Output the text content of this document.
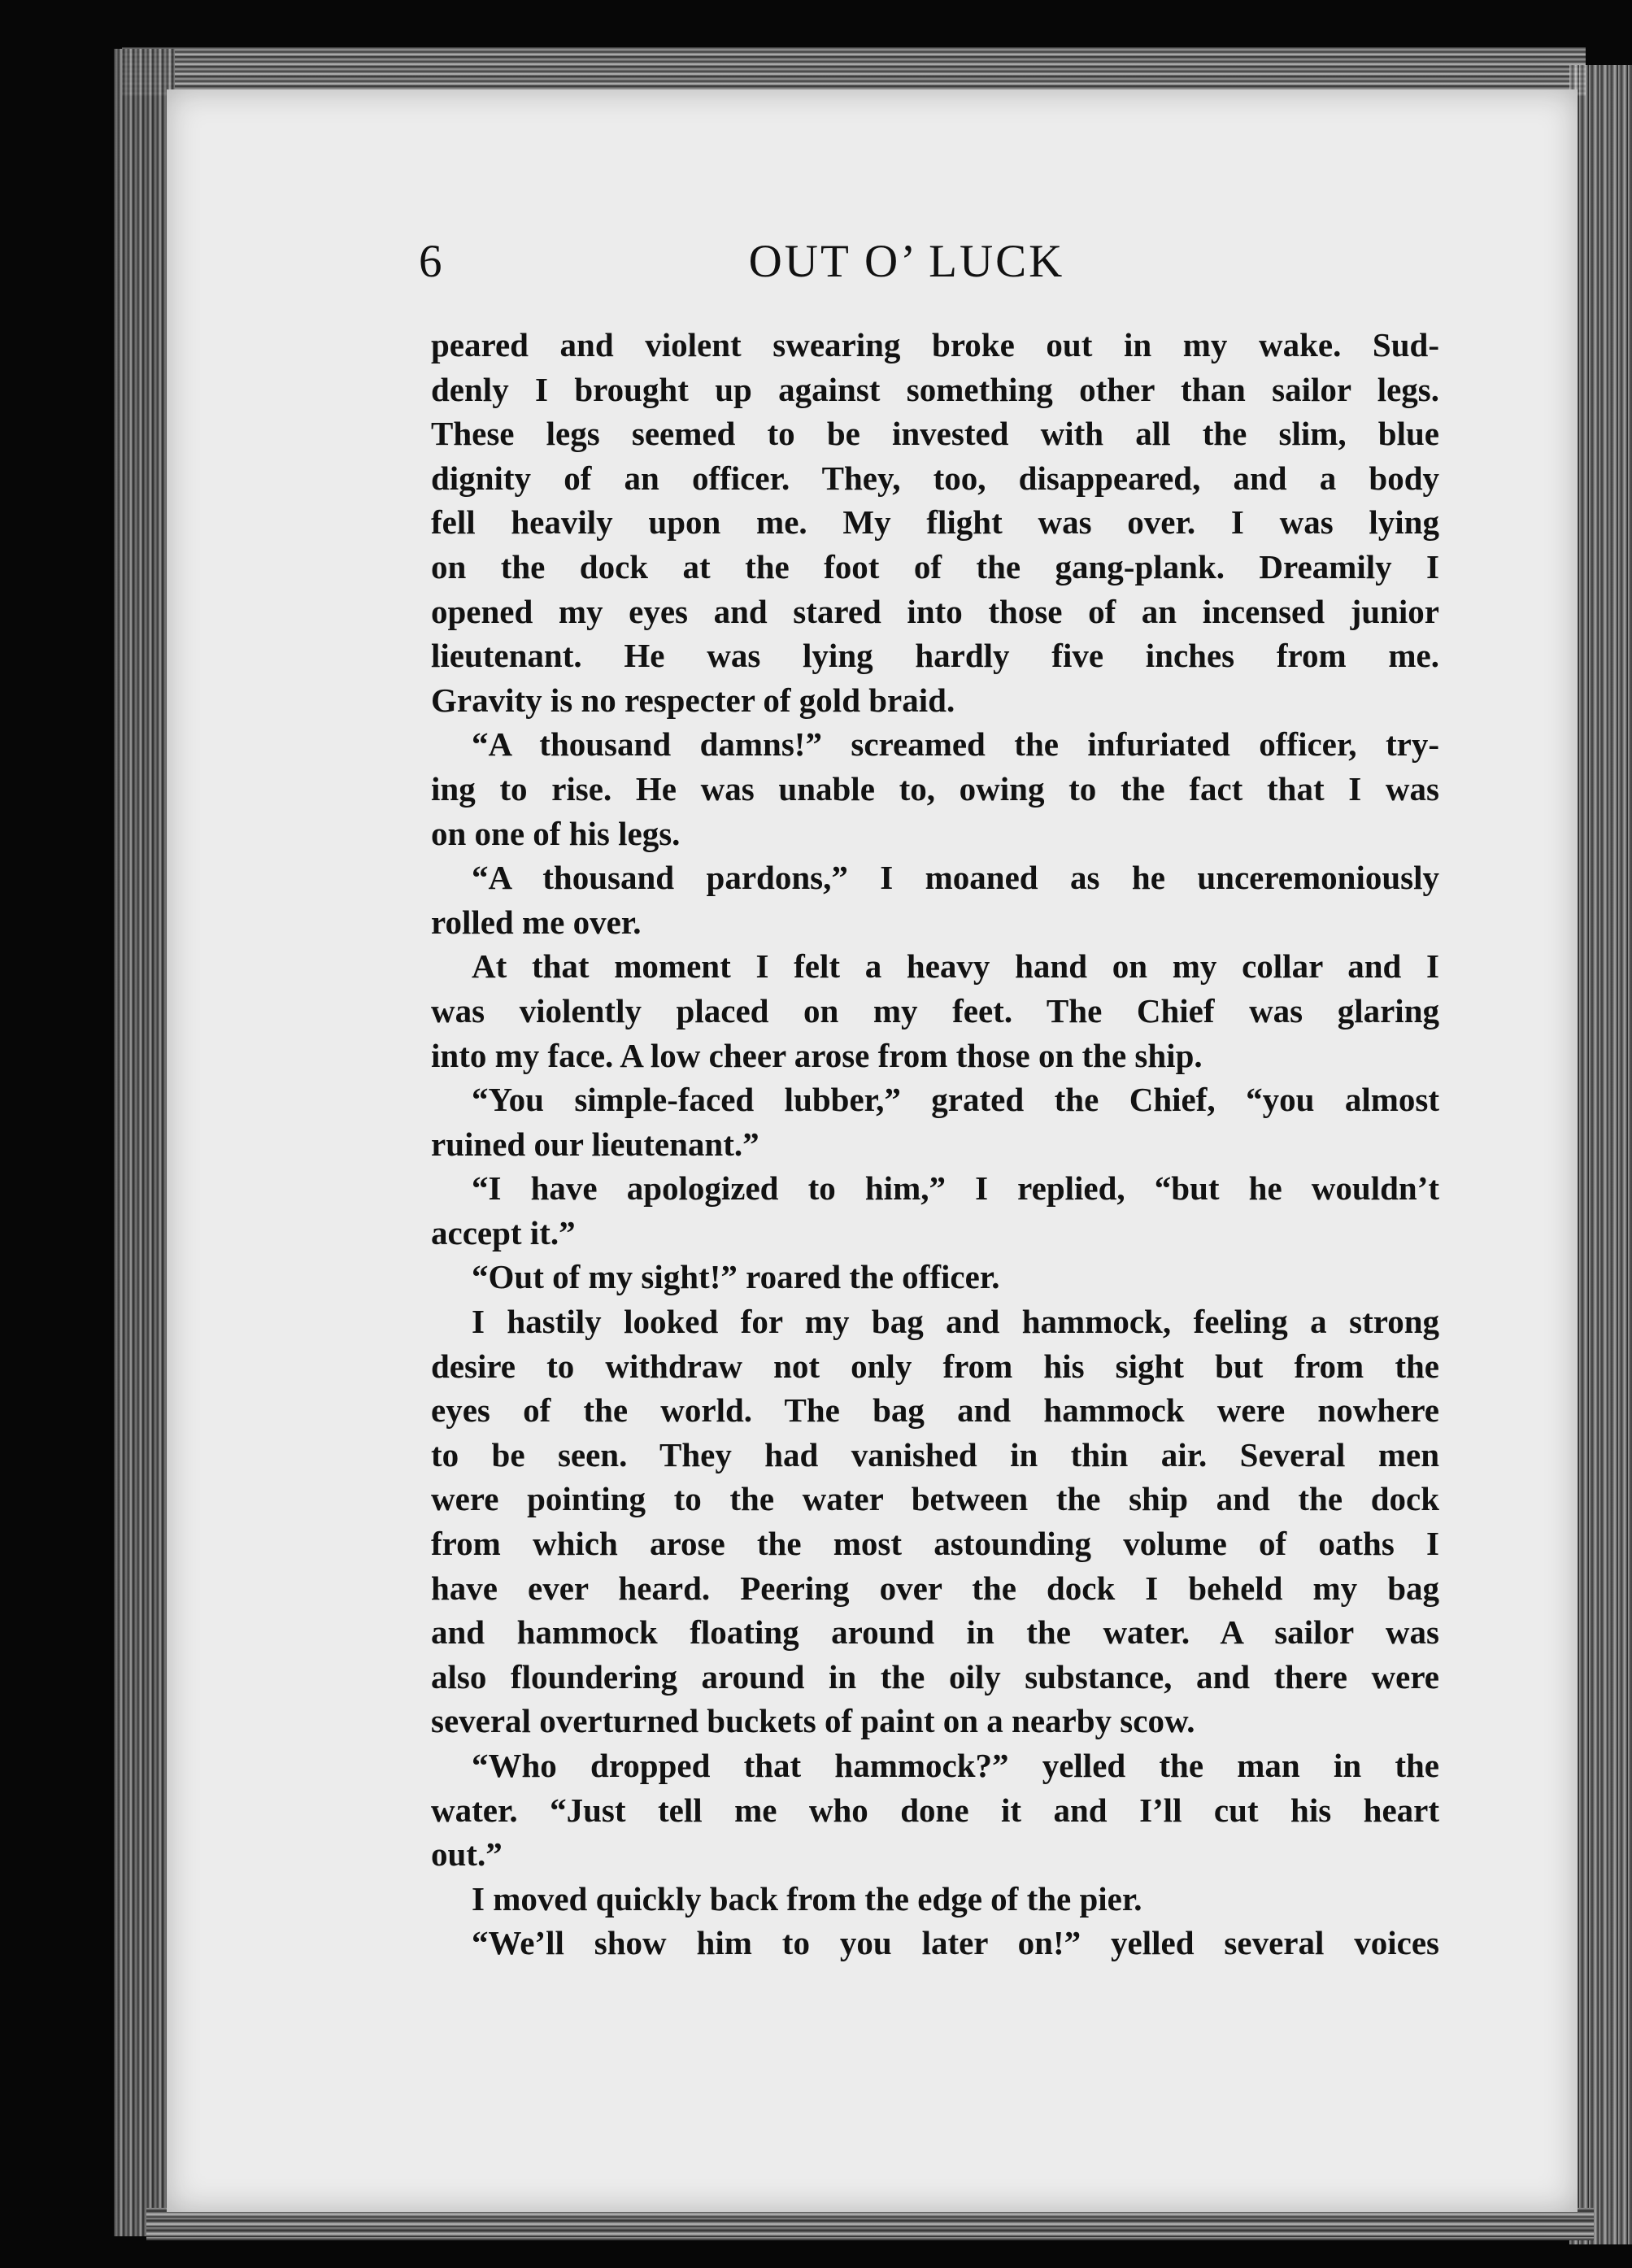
6	OUT O’ LUCK
peared and violent swearing broke out in my wake. Sud-
denly I brought up against something other than sailor legs.
These legs seemed to be invested with all the slim, blue
dignity of an officer. They, too, disappeared, and a body
fell heavily upon me. My flight was over. I was lying
on the dock at the foot of the gang-plank. Dreamily I
opened my eyes and stared into those of an incensed junior
lieutenant. He was lying hardly five inches from me.
Gravity is no respecter of gold braid.
“A thousand damns!” screamed the infuriated officer, try-
ing to rise. He was unable to, owing to the fact that I was
on one of his legs.
“A thousand pardons,” I moaned as he unceremoniously
rolled me over.
At that moment I felt a heavy hand on my collar and I
was violently placed on my feet. The Chief was glaring
into my face. A low cheer arose from those on the ship.
“You simple-faced lubber,” grated the Chief, “you almost
ruined our lieutenant.”
“I have apologized to him,” I replied, “but he wouldn’t
accept it.”
“Out of my sight!” roared the officer.
I hastily looked for my bag and hammock, feeling a strong
desire to withdraw not only from his sight but from the
eyes of the world. The bag and hammock were nowhere
to be seen. They had vanished in thin air. Several men
were pointing to the water between the ship and the dock
from which arose the most astounding volume of oaths I
have ever heard. Peering over the dock I beheld my bag
and hammock floating around in the water. A sailor was
also floundering around in the oily substance, and there were
several overturned buckets of paint on a nearby scow.
“Who dropped that hammock?” yelled the man in the
water. “Just tell me who done it and I’ll cut his heart
out.”
I moved quickly back from the edge of the pier.
“We’ll show him to you later on!” yelled several voices
